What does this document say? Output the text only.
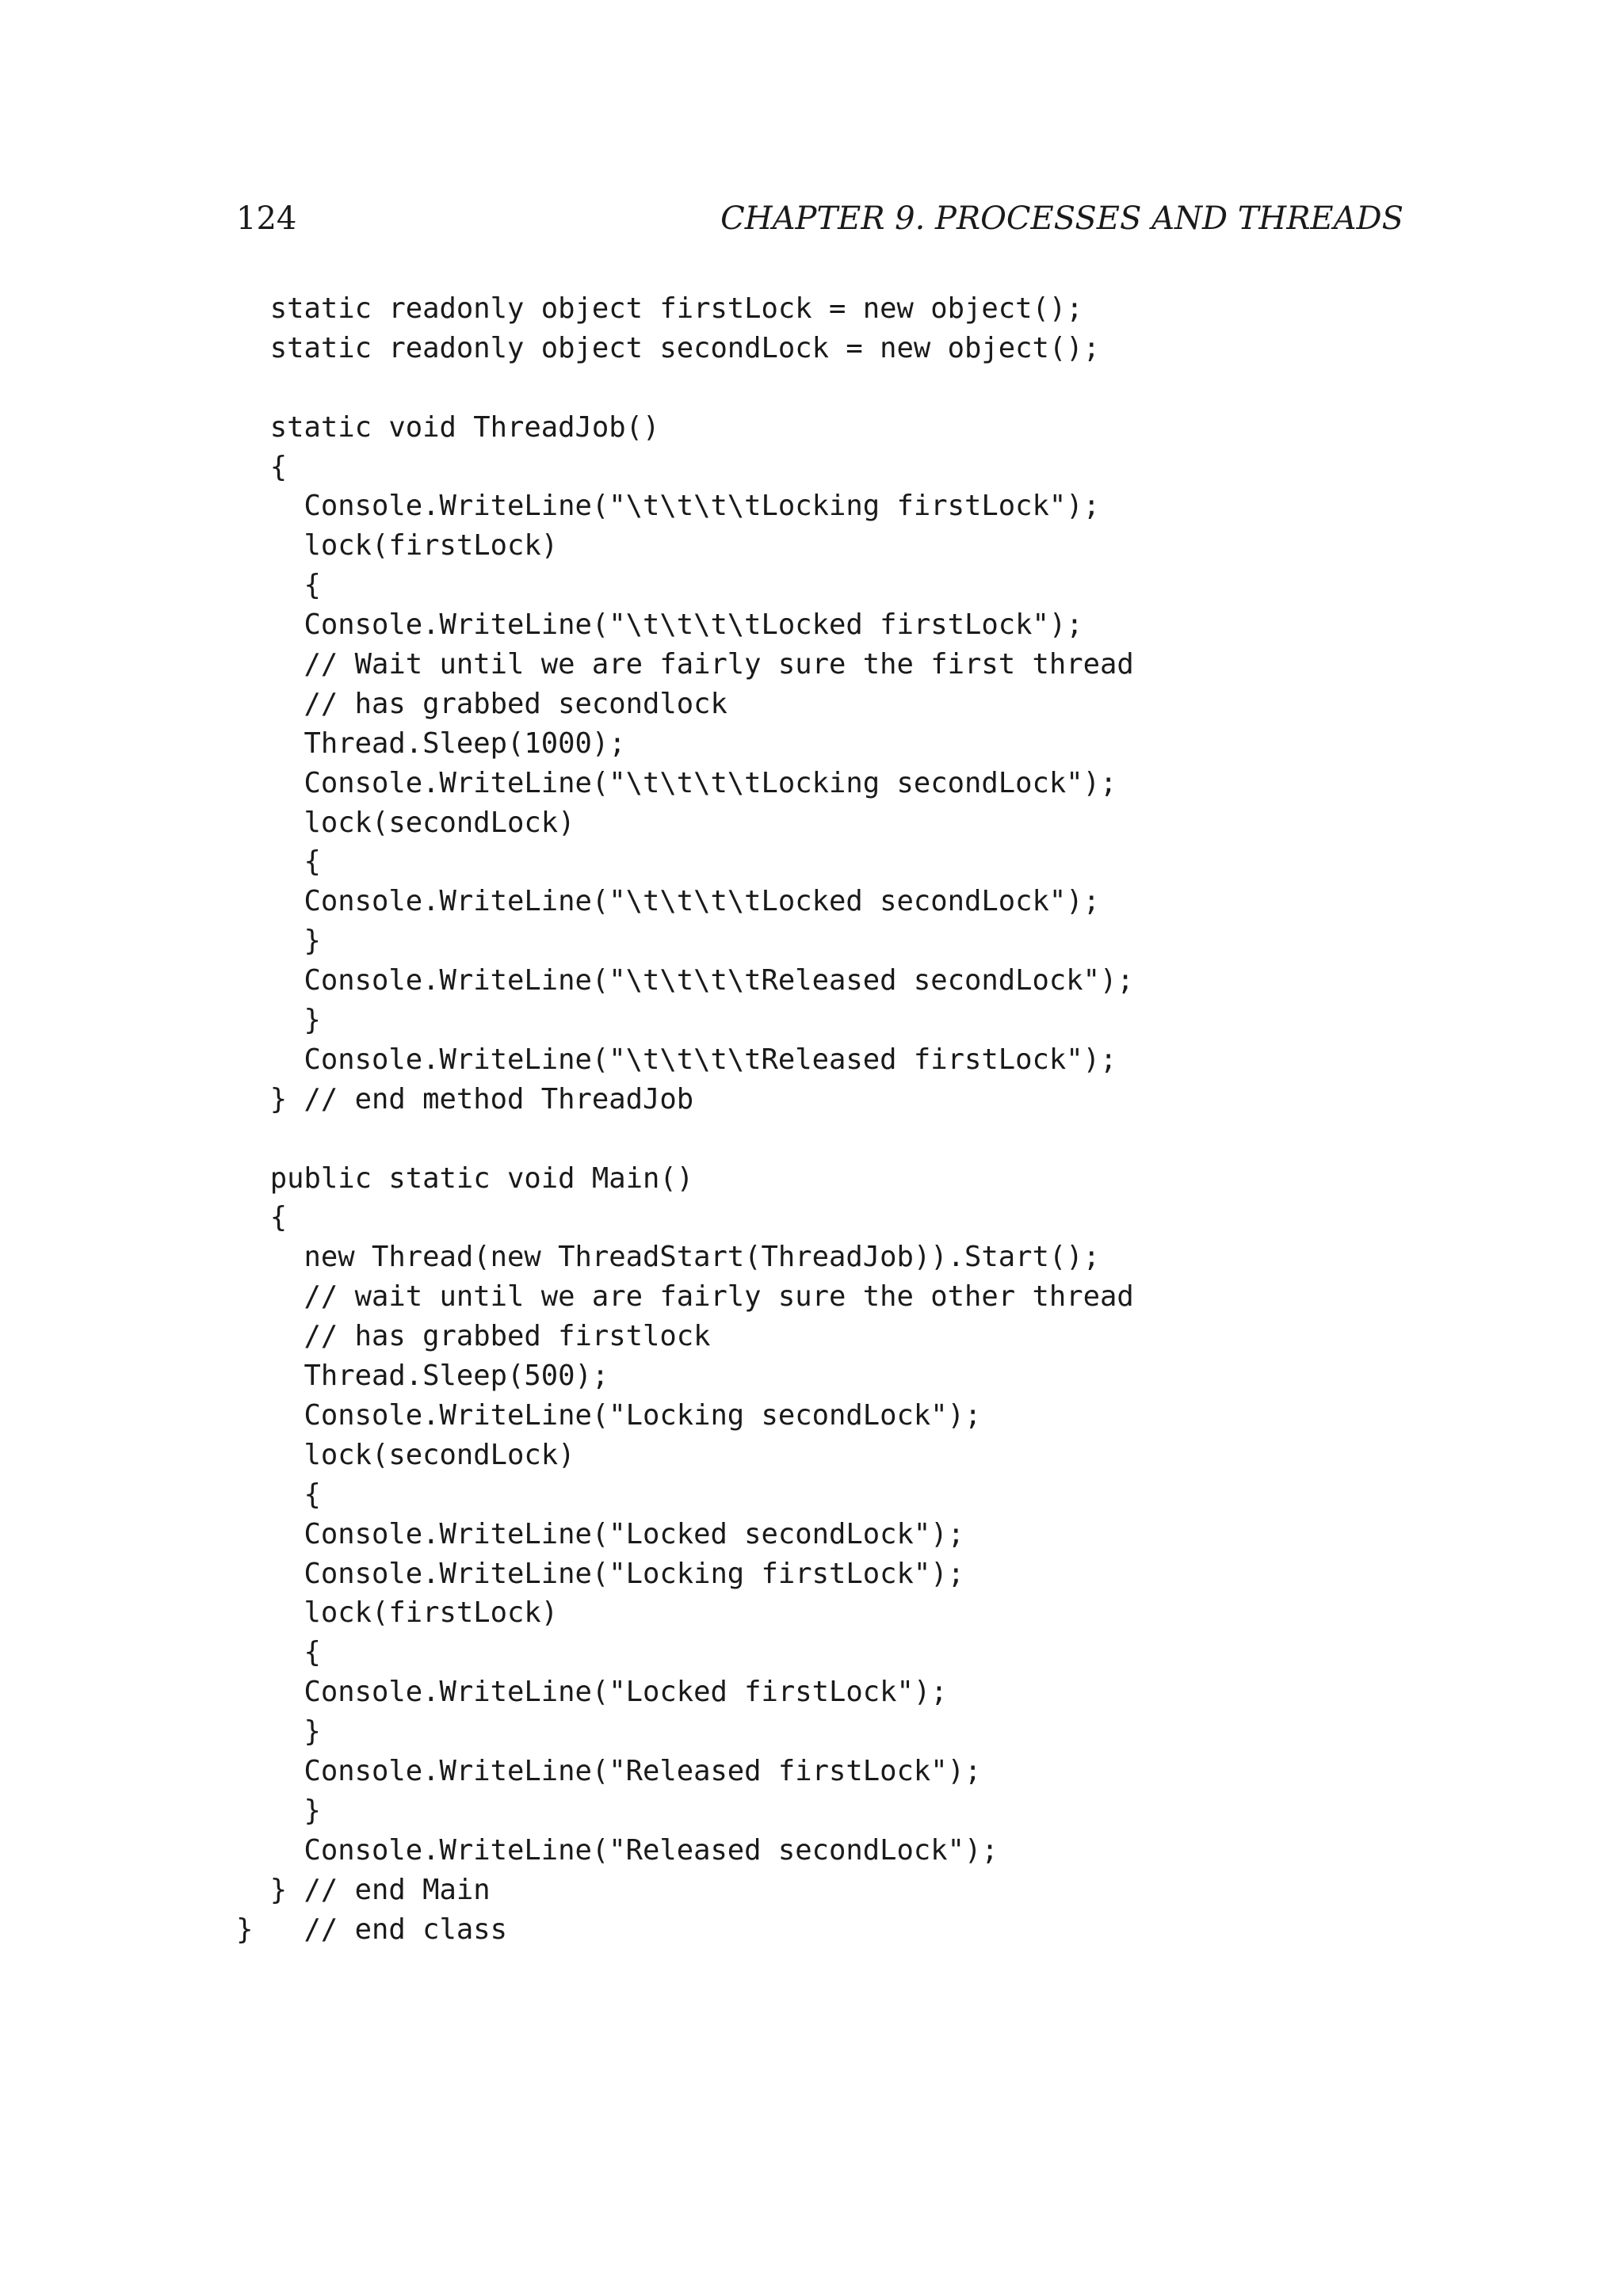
124	CHAPTER 9. PROCESSES AND THREADS
static readonly object firstLock = new object();
static readonly object secondLock = new object();
static void ThreadJob()
{
Console.WriteLine("\t\t\t\tLocking firstLock");
lock(firstLock)
{
Console.WriteLine("\t\t\t\tLocked firstLock");
// Wait until we are fairly sure the first thread
// has grabbed secondlock
Thread.Sleep(1000);
Console.WriteLine("\t\t\t\tLocking secondLock");
lock(secondLock)
{
Console.WriteLine("\t\t\t\tLocked secondLock");
}
Console.WriteLine("\t\t\t\tReleased secondLock");
}
Console.WriteLine("\t\t\t\tReleased firstLock");
} // end method ThreadJob
public static void Main()
{
new Thread(new ThreadStart(ThreadJob)).Start();
// wait until we are fairly sure the other thread
// has grabbed firstlock
Thread.Sleep(500);
Console.WriteLine("Locking secondLock");
lock(secondLock)
{
Console.WriteLine("Locked secondLock");
Console.WriteLine("Locking firstLock");
lock(firstLock)
{
Console.WriteLine("Locked firstLock");
}
Console.WriteLine("Released firstLock");
}
Console.WriteLine("Released secondLock");
} // end Main
}   // end class
